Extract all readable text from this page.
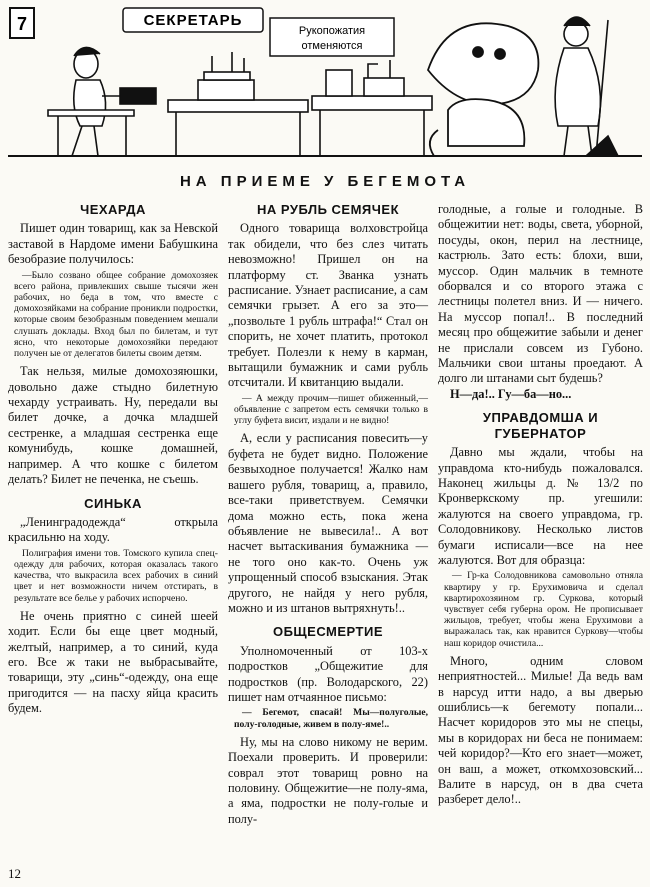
7	СЕКРЕТАРЬ
Рукопожатия
отменяются
НА ПРИЕМЕ У БЕГЕМОТА
ЧЕХАРДА

Пишет один товарищ, как за Невской заставой в Нардоме имени Бабушкина безобразие получилось:

—Было созвано общее собрание домохозяек всего района, привлекших свыше тысячи жен рабочих, но беда в том, что вместе с домохозяйками на собрание проникли подростки, которые своим безобразным поведением мешали слушать доклады. Вход был по билетам, и тут ясно, что некоторые домохозяйки передают получен ые от делегатов билеты своим детям.

Так нельзя, милые домохозяюшки, довольно даже стыдно билетную чехарду устраивать. Ну, передали вы билет дочке, а дочка младшей сестренке, а младшая сестренка еще комунибудь, кошке домашней, например. А что кошке с билетом делать? Билет не печенка, не съешь.

СИНЬКА

„Ленинградодежда“ открыла красильню на ходу.

Полиграфия имени тов. Томского купила спец-одежду для рабочих, которая оказалась такого качества, что выкрасила всех рабочих в синий цвет и нет возможности ничем отстирать, в результате все белье у рабочих испорчено.

Не очень приятно с синей шеей ходит. Если бы еще цвет модный, желтый, например, а то синий, куда его. Все ж таки не выбрасывайте, товарищи, эту „синь“-одежду, она еще пригодится — на пасху яйца красить будем.

НА РУБЛЬ СЕМЯЧЕК

Одного товарища волховстройца так обидели, что без слез читать невозможно! Пришел он на платформу ст. Званка узнать расписание. Узнает расписание, а сам семячки грызет. А его за это—„позвольте 1 рубль штрафа!“ Стал он спорить, не хочет платить, протокол требует. Полезли к нему в карман, вытащили бумажник и сами рубль отсчитали. И квитанцию выдали.

— А между прочим—пишет обиженный,—объявление с запретом есть семячки только в углу буфета висит, издали и не видно!

А, если у расписания повесить—у буфета не будет видно. Положение безвыходное получается! Жалко нам вашего рубля, товарищ, а, правило, все-таки приветствуем. Семячки дома можно есть, пока жена объявление не вывесила!.. А вот насчет вытаскивания бумажника — не того оно как-то. Очень уж упрощенный способ взыскания. Этак другого, не найдя у него рубля, можно и из штанов вытряхнуть!..

ОБЩЕСМЕРТИЕ

Уполномоченный от 103-х подростков „Общежитие для подростков (пр. Володарского, 22) пишет нам отчаянное письмо:

— Бегемот, спасай! Мы—полуголые, полу-голодные, живем в полу-яме!..

Ну, мы на слово никому не верим. Поехали проверить. И проверили: соврал этот товарищ ровно на половину. Общежитие—не полу-яма, а яма, подростки не полу-голые и полу-

голодные, а голые и голодные. В общежитии нет: воды, света, уборной, посуды, окон, перил на лестнице, кастрюль. Зато есть: блохи, вши, муссор. Один мальчик в темноте оборвался и со второго этажа с лестницы полетел вниз. И — ничего. На муссор попал!.. В последний месяц про общежитие забыли и денег не прислали совсем из Губоно. Мальчики свои штаны проедают. А долго ли штанами сыт будешь?

Н—да!.. Гу—ба—но...

УПРАВДОМША И ГУБЕРНАТОР

Давно мы ждали, чтобы на управдома кто-нибудь пожаловался. Наконец жильцы д. № 13/2 по Кронверкскому пр. угешили: жалуются на своего управдома, гр. Солодовникову. Несколько листов бумаги исписали—все на нее жалуются. Вот для образца:

— Гр-ка Солодовникова самовольно отняла квартиру у гр. Ерухимовича и сделал квартирохозяином гр. Суркова, который чувствует себя губерна ором. Не прописывает жильцов, требует, чтобы жена Ерухимови а выражалась так, как нравится Суркову—чтобы наш коридор очистила...

Много, одним словом неприятностей... Милые! Да ведь вам в нарсуд итти надо, а вы дверью ошиблись—к бегемоту попали... Насчет коридоров это мы не спецы, мы в коридорах ни беса не понимаем: чей коридор?—Кто его знает—может, он ваш, а может, откомхозовский... Валите в нарсуд, он в два счета разберет дело!..

12
